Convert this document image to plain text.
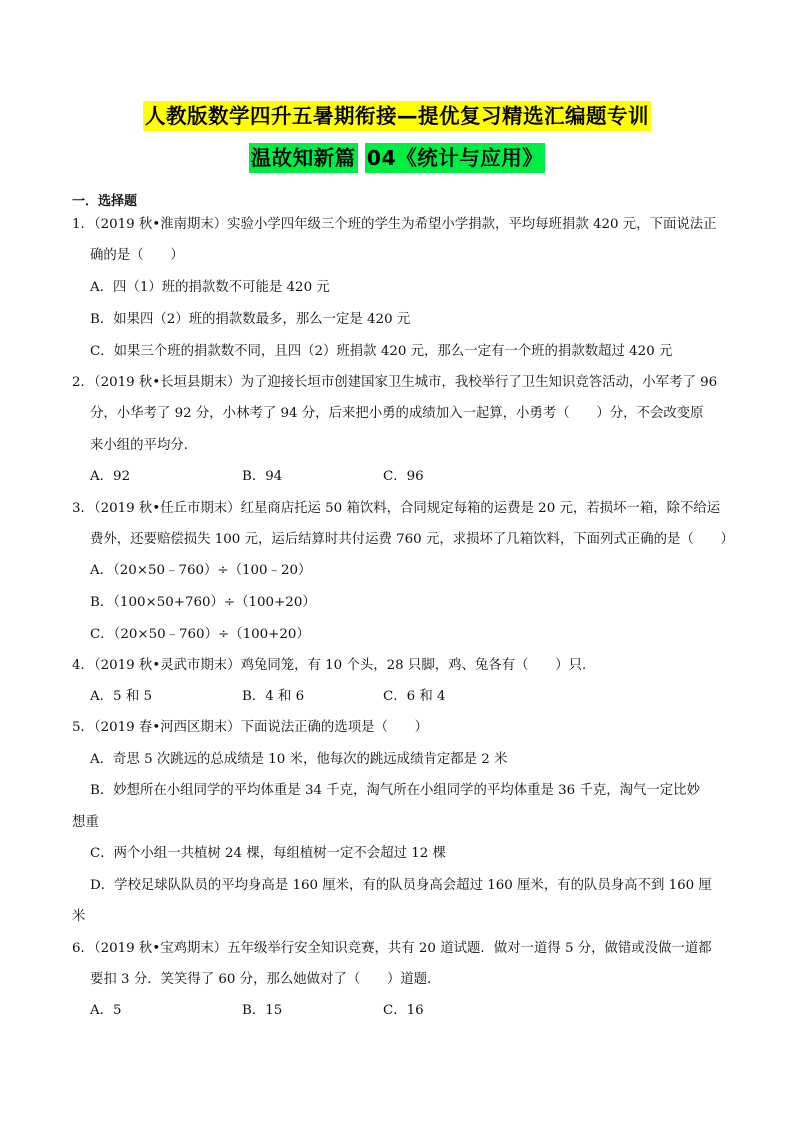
人教版数学四升五暑期衔接—提优复习精选汇编题专训
温故知新篇 04《统计与应用》
一．选择题
1．（2019 秋•淮南期末）实验小学四年级三个班的学生为希望小学捐款，平均每班捐款 420 元，下面说法正
确的是（　　）
A．四（1）班的捐款数不可能是 420 元
B．如果四（2）班的捐款数最多，那么一定是 420 元
C．如果三个班的捐款数不同，且四（2）班捐款 420 元，那么一定有一个班的捐款数超过 420 元
2．（2019 秋•长垣县期末）为了迎接长垣市创建国家卫生城市，我校举行了卫生知识竞答活动，小军考了 96
分，小华考了 92 分，小林考了 94 分，后来把小勇的成绩加入一起算，小勇考（　　）分，不会改变原
来小组的平均分．
A．92	B．94	C．96
3．（2019 秋•任丘市期末）红星商店托运 50 箱饮料，合同规定每箱的运费是 20 元，若损坏一箱，除不给运
费外，还要赔偿损失 100 元，运后结算时共付运费 760 元，求损坏了几箱饮料，下面列式正确的是（　　）
A．（20×50﹣760）÷（100﹣20）
B．（100×50+760）÷（100+20）
C．（20×50﹣760）÷（100+20）
4．（2019 秋•灵武市期末）鸡兔同笼，有 10 个头，28 只脚，鸡、兔各有（　　）只．
A．5 和 5	B．4 和 6	C．6 和 4
5．（2019 春•河西区期末）下面说法正确的选项是（　　）
A．奇思 5 次跳远的总成绩是 10 米，他每次的跳远成绩肯定都是 2 米
B．妙想所在小组同学的平均体重是 34 千克，淘气所在小组同学的平均体重是 36 千克，淘气一定比妙
想重
C．两个小组一共植树 24 棵，每组植树一定不会超过 12 棵
D．学校足球队队员的平均身高是 160 厘米，有的队员身高会超过 160 厘米，有的队员身高不到 160 厘
米
6．（2019 秋•宝鸡期末）五年级举行安全知识竞赛，共有 20 道试题．做对一道得 5 分，做错或没做一道都
要扣 3 分．笑笑得了 60 分，那么她做对了（　　）道题．
A．5	B．15	C．16
